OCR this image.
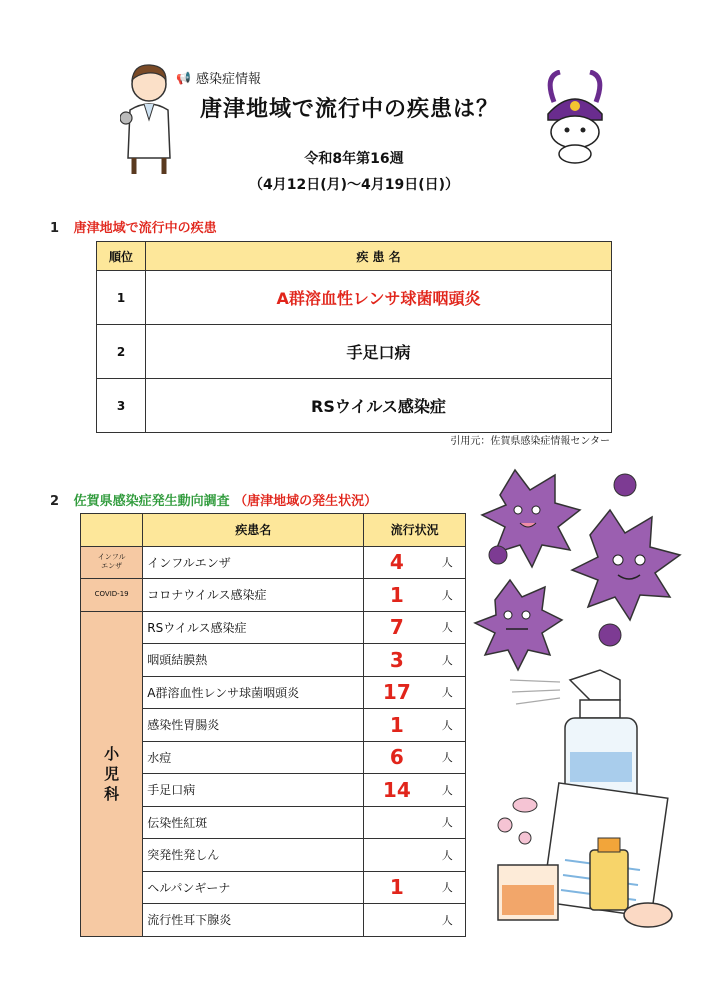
📢 感染症情報
唐津地域で流行中の疾患は？
令和8年第16週
（4月12日(月)～4月19日(日)）
1 唐津地域で流行中の疾患
順位	疾 患 名
1	A群溶血性レンサ球菌咽頭炎
2	手足口病
3	RSウイルス感染症
引用元：佐賀県感染症情報センター
2 佐賀県感染症発生動向調査 （唐津地域の発生状況）
	疾患名	流行状況	
インフル
エンザ	インフルエンザ	4	人
COVID-19	コロナウイルス感染症	1	人
小
児
科	RSウイルス感染症	7	人
	咽頭結膜熱	3	人
	A群溶血性レンサ球菌咽頭炎	17	人
	感染性胃腸炎	1	人
	水痘	6	人
	手足口病	14	人
	伝染性紅斑		人
	突発性発しん		人
	ヘルパンギーナ	1	人
	流行性耳下腺炎		人
